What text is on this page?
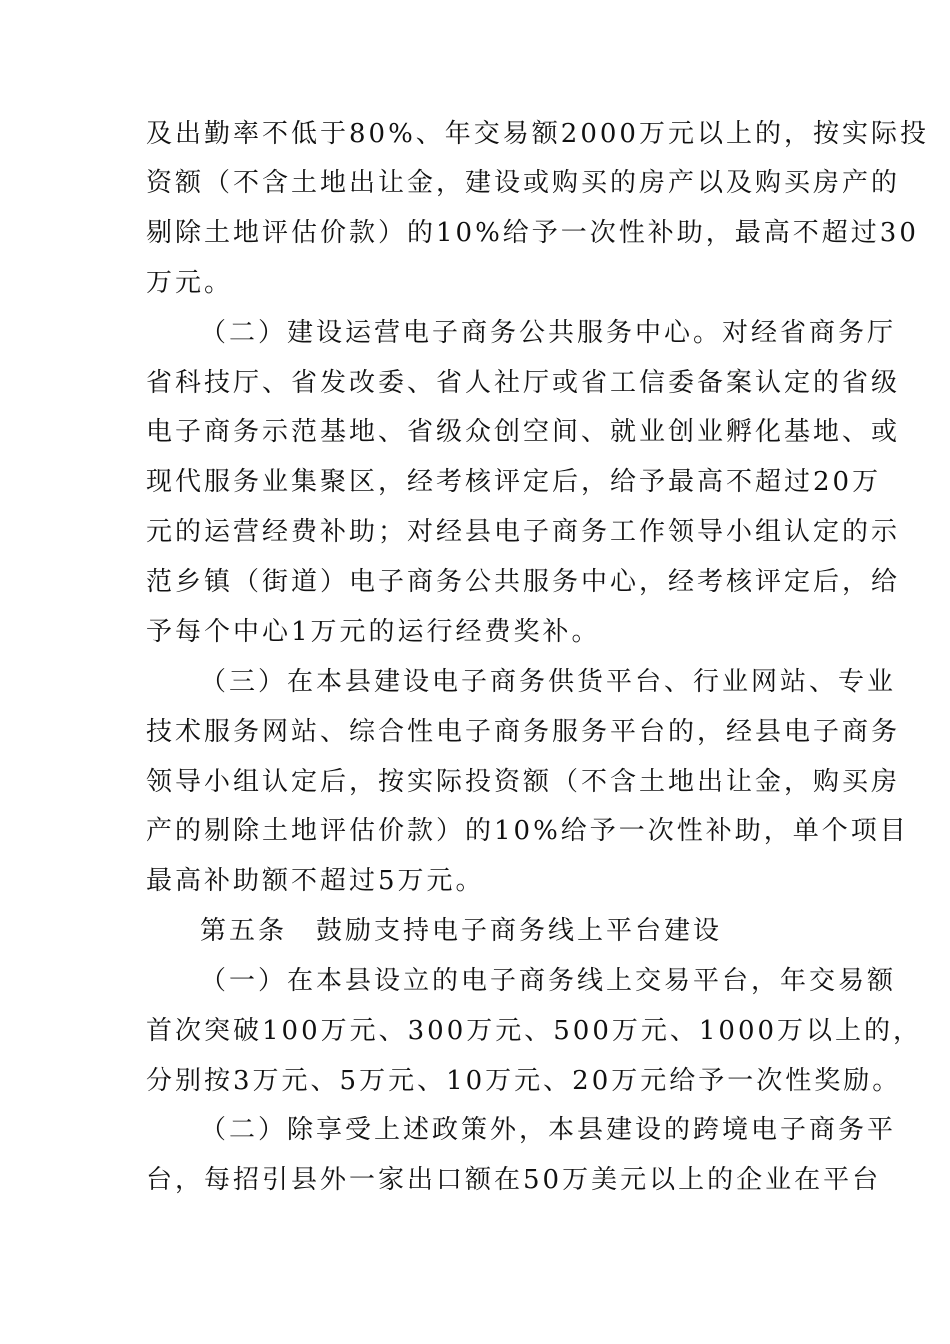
及出勤率不低于80%、年交易额2000万元以上的，按实际投
资额（不含土地出让金，建设或购买的房产以及购买房产的
剔除土地评估价款）的10%给予一次性补助，最高不超过30
万元。
（二）建设运营电子商务公共服务中心。对经省商务厅
省科技厅、省发改委、省人社厅或省工信委备案认定的省级
电子商务示范基地、省级众创空间、就业创业孵化基地、或
现代服务业集聚区，经考核评定后，给予最高不超过20万
元的运营经费补助；对经县电子商务工作领导小组认定的示
范乡镇（街道）电子商务公共服务中心，经考核评定后，给
予每个中心1万元的运行经费奖补。
（三）在本县建设电子商务供货平台、行业网站、专业
技术服务网站、综合性电子商务服务平台的，经县电子商务
领导小组认定后，按实际投资额（不含土地出让金，购买房
产的剔除土地评估价款）的10%给予一次性补助，单个项目
最高补助额不超过5万元。
第五条　鼓励支持电子商务线上平台建设
（一）在本县设立的电子商务线上交易平台，年交易额
首次突破100万元、300万元、500万元、1000万以上的，
分别按3万元、5万元、10万元、20万元给予一次性奖励。
（二）除享受上述政策外，本县建设的跨境电子商务平
台，每招引县外一家出口额在50万美元以上的企业在平台
